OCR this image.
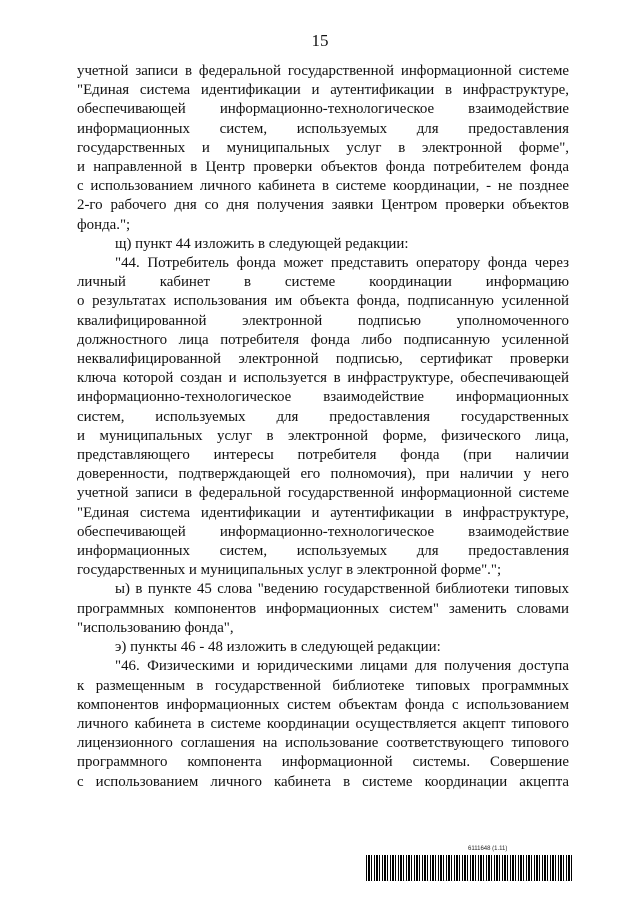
15
учетной записи в федеральной государственной информационной системе
"Единая система идентификации и аутентификации в инфраструктуре,
обеспечивающей информационно-технологическое взаимодействие
информационных систем, используемых для предоставления
государственных и муниципальных услуг в электронной форме",
и направленной в Центр проверки объектов фонда потребителем фонда
с использованием личного кабинета в системе координации, - не позднее
2-го рабочего дня со дня получения заявки Центром проверки объектов
фонда.";
щ) пункт 44 изложить в следующей редакции:
"44. Потребитель фонда может представить оператору фонда через
личный кабинет в системе координации информацию
о результатах использования им объекта фонда, подписанную усиленной
квалифицированной электронной подписью уполномоченного
должностного лица потребителя фонда либо подписанную усиленной
неквалифицированной электронной подписью, сертификат проверки
ключа которой создан и используется в инфраструктуре, обеспечивающей
информационно-технологическое взаимодействие информационных
систем, используемых для предоставления государственных
и муниципальных услуг в электронной форме, физического лица,
представляющего интересы потребителя фонда (при наличии
доверенности, подтверждающей его полномочия), при наличии у него
учетной записи в федеральной государственной информационной системе
"Единая система идентификации и аутентификации в инфраструктуре,
обеспечивающей информационно-технологическое взаимодействие
информационных систем, используемых для предоставления
государственных и муниципальных услуг в электронной форме".";
ы) в пункте 45 слова "ведению государственной библиотеки типовых
программных компонентов информационных систем" заменить словами
"использованию фонда",
э) пункты 46 - 48 изложить в следующей редакции:
"46. Физическими и юридическими лицами для получения доступа
к размещенным в государственной библиотеке типовых программных
компонентов информационных систем объектам фонда с использованием
личного кабинета в системе координации осуществляется акцепт типового
лицензионного соглашения на использование соответствующего типового
программного компонента информационной системы. Совершение
с использованием личного кабинета в системе координации акцепта
6111648 (1.11)
